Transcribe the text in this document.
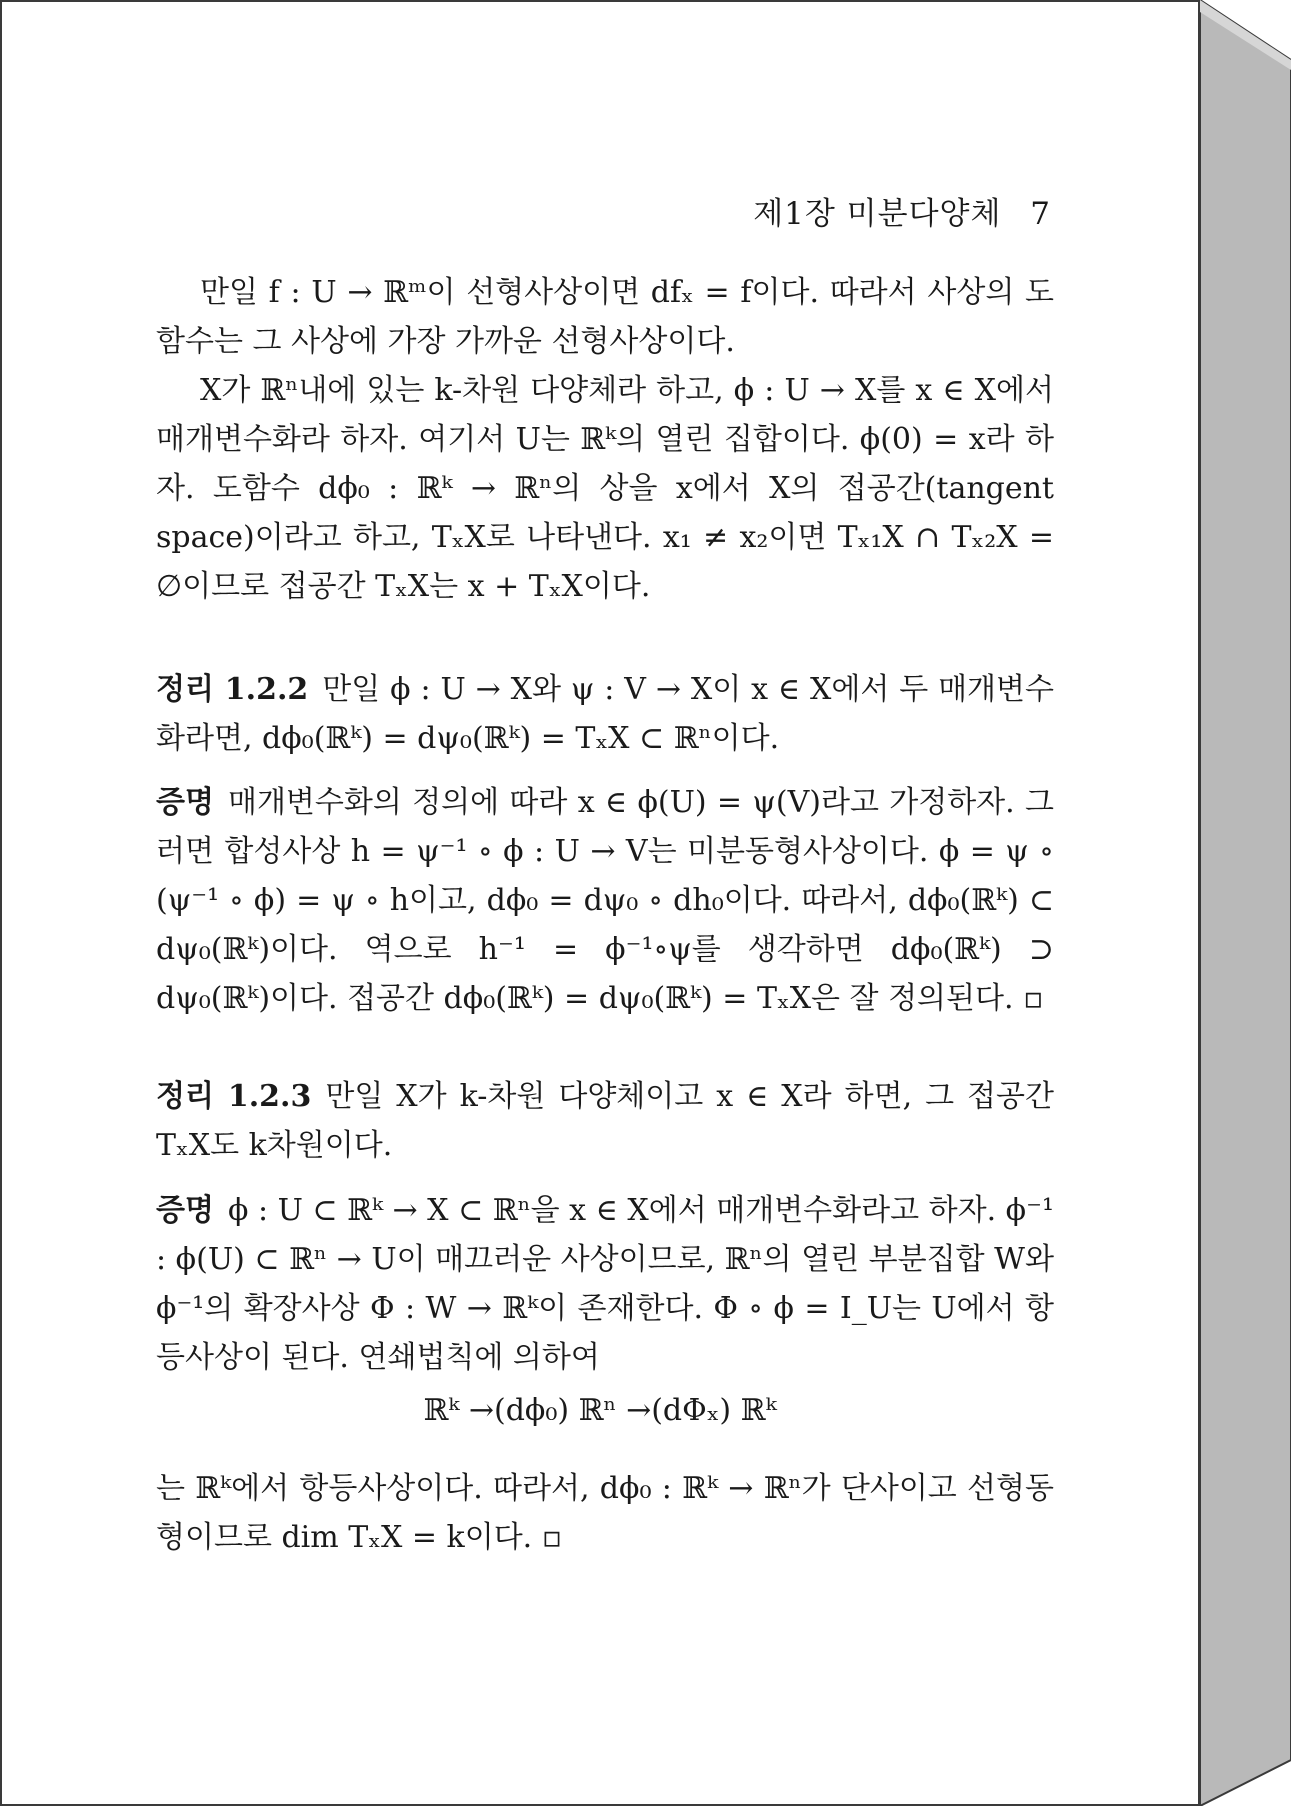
제1장 미분다양체 7

만일 f : U → ℝᵐ이 선형사상이면 dfₓ = f이다. 따라서 사상의 도함수는 그 사상에 가장 가까운 선형사상이다.

X가 ℝⁿ내에 있는 k-차원 다양체라 하고, ϕ : U → X를 x ∈ X에서 매개변수화라 하자. 여기서 U는 ℝᵏ의 열린 집합이다. ϕ(0) = x라 하자. 도함수 dϕ₀ : ℝᵏ → ℝⁿ의 상을 x에서 X의 접공간(tangent space)이라고 하고, TₓX로 나타낸다. x₁ ≠ x₂이면 Tₓ₁X ∩ Tₓ₂X = ∅이므로 접공간 TₓX는 x + TₓX이다.

정리 1.2.2 만일 ϕ : U → X와 ψ : V → X이 x ∈ X에서 두 매개변수화라면, dϕ₀(ℝᵏ) = dψ₀(ℝᵏ) = TₓX ⊂ ℝⁿ이다.
증명 매개변수화의 정의에 따라 x ∈ ϕ(U) = ψ(V)라고 가정하자. 그러면 합성사상 h = ψ⁻¹ ∘ ϕ : U → V는 미분동형사상이다. ϕ = ψ ∘ (ψ⁻¹ ∘ ϕ) = ψ ∘ h이고, dϕ₀ = dψ₀ ∘ dh₀이다. 따라서, dϕ₀(ℝᵏ) ⊂ dψ₀(ℝᵏ)이다. 역으로 h⁻¹ = ϕ⁻¹∘ψ를 생각하면 dϕ₀(ℝᵏ) ⊃ dψ₀(ℝᵏ)이다. 접공간 dϕ₀(ℝᵏ) = dψ₀(ℝᵏ) = TₓX은 잘 정의된다. ▫
정리 1.2.3 만일 X가 k-차원 다양체이고 x ∈ X라 하면, 그 접공간 TₓX도 k차원이다.
증명 ϕ : U ⊂ ℝᵏ → X ⊂ ℝⁿ을 x ∈ X에서 매개변수화라고 하자. ϕ⁻¹ : ϕ(U) ⊂ ℝⁿ → U이 매끄러운 사상이므로, ℝⁿ의 열린 부분집합 W와 ϕ⁻¹의 확장사상 Φ : W → ℝᵏ이 존재한다. Φ ∘ ϕ = I_U는 U에서 항등사상이 된다. 연쇄법칙에 의하여
ℝᵏ →(dϕ₀) ℝⁿ →(dΦₓ) ℝᵏ
는 ℝᵏ에서 항등사상이다. 따라서, dϕ₀ : ℝᵏ → ℝⁿ가 단사이고 선형동형이므로 dim TₓX = k이다. ▫
